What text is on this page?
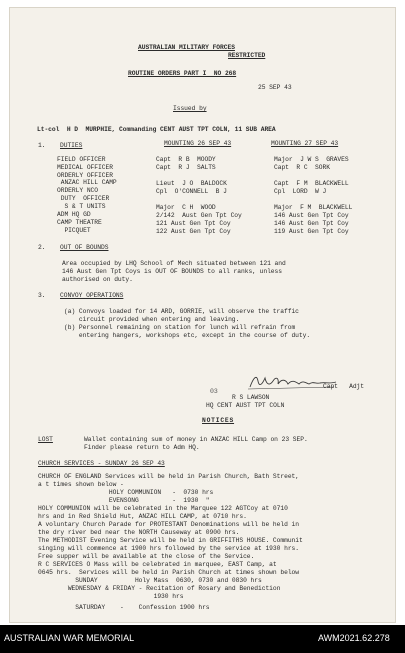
AUSTRALIAN MILITARY FORCES
RESTRICTED
ROUTINE ORDERS PART I  NO 268
25 SEP 43
Issued by
Lt-col  H D  MURPHIE, Commanding CENT AUST TPT COLN, 11 SUB AREA
1. DUTIES	MOUNTING 26 SEP 43	MOUNTING 27 SEP 43
FIELD OFFICER	Capt  R B  MOODY	Major  J W S  GRAVES
MEDICAL OFFICER	Capt  R J  SALTS	Capt  R C  SORK
ORDERLY OFFICER
ANZAC HILL CAMP	Lieut  J O  BALDOCK	Capt  F M  BLACKWELL
ORDERLY NCO	Cpl  O'CONNELL  B J	Cpl  LORD  W J
DUTY  OFFICER
S & T UNITS	Major  C H  WOOD	Major  F M  BLACKWELL
ADM HQ GD	2/142  Aust Gen Tpt Coy	146 Aust Gen Tpt Coy
CAMP THEATRE	121 Aust Gen Tpt Coy	146 Aust Gen Tpt Coy
PICQUET	122 Aust Gen Tpt Coy	119 Aust Gen Tpt Coy
2. OUT OF BOUNDS
Area occupied by LHQ School of Mech situated between 121 and
146 Aust Gen Tpt Coys is OUT OF BOUNDS to all ranks, unless
authorised on duty.
3. CONVOY OPERATIONS
(a) Convoys loaded for 14 ARD, GORRIE, will observe the traffic
circuit provided when entering and leaving.
(b) Personnel remaining on station for lunch will refrain from
entering hangers, workshops etc, except in the course of duty.
Capt   Adjt
R S LAWSON
HQ CENT AUST TPT COLN
03
NOTICES
LOST	Wallet containing sum of money in ANZAC HILL Camp on 23 SEP.
Finder please return to Adm HQ.
CHURCH SERVICES - SUNDAY 26 SEP 43
CHURCH OF ENGLAND Services will be held in Parish Church, Bath Street,
a t times shown below -
HOLY COMMUNION   -  0730 hrs
EVENSONG         -  1930  "
HOLY COMMUNION will be celebrated in the Marquee 122 AGTCoy at 0710
hrs and in Red Shield Hut, ANZAC HILL CAMP, at 0710 hrs.
A voluntary Church Parade for PROTESTANT Denominations will be held in
the dry river bed near the NORTH Causeway at 0900 hrs.
The METHODIST Evening Service will be held in GRIFFITHS HOUSE. Communit
singing will commence at 1900 hrs followed by the service at 1930 hrs.
Free supper will be available at the close of the Service.
R C SERVICES O Mass will be celebrated in marquee, EAST Camp, at
0645 hrs.  Services will be held in Parish Church at times shown below
SUNDAY          Holy Mass  0630, 0730 and 0830 hrs
WEDNESDAY & FRIDAY - Recitation of Rosary and Benediction
1930 hrs
SATURDAY    -    Confession 1900 hrs
AUSTRALIAN WAR MEMORIAL	AWM2021.62.278
